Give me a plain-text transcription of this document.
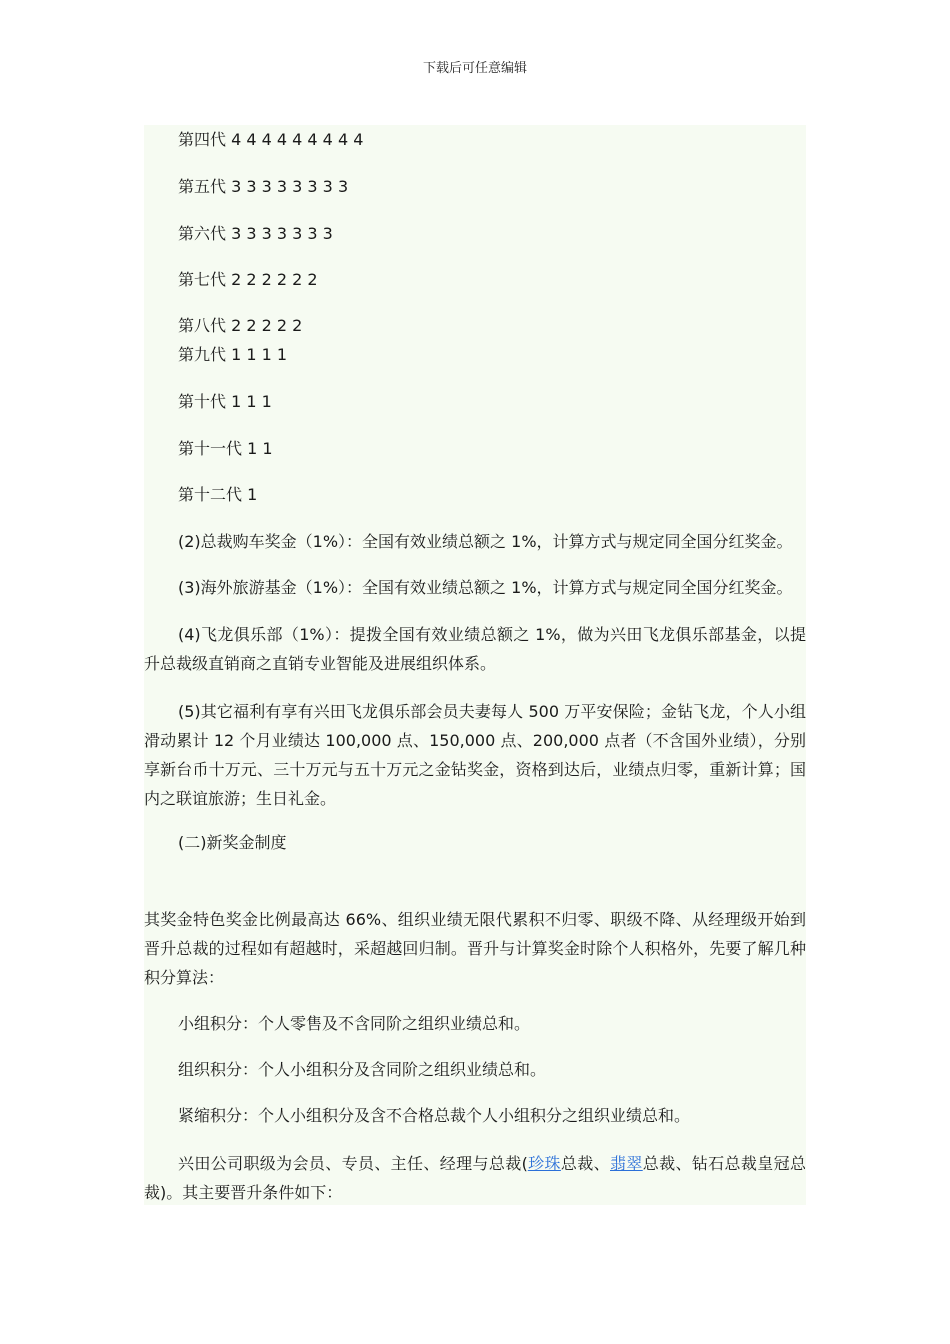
下载后可任意编辑
第四代 4 4 4 4 4 4 4 4 4
第五代 3 3 3 3 3 3 3 3
第六代 3 3 3 3 3 3 3
第七代 2 2 2 2 2 2
第八代 2 2 2 2 2
第九代 1 1 1 1
第十代 1 1 1
第十一代 1 1
第十二代 1
(2)总裁购车奖金（1%）：全国有效业绩总额之 1%，计算方式与规定同全国分红奖金。
(3)海外旅游基金（1%）：全国有效业绩总额之 1%，计算方式与规定同全国分红奖金。

(4)飞龙俱乐部（1%）：提拨全国有效业绩总额之 1%，做为兴田飞龙俱乐部基金，以提升总裁级直销商之直销专业智能及进展组织体系。

(5)其它福利有享有兴田飞龙俱乐部会员夫妻每人 500 万平安保险；金钻飞龙，个人小组滑动累计 12 个月业绩达 100,000 点、150,000 点、200,000 点者（不含国外业绩），分别享新台币十万元、三十万元与五十万元之金钻奖金，资格到达后，业绩点归零，重新计算；国内之联谊旅游；生日礼金。

(二)新奖金制度

其奖金特色奖金比例最高达 66%、组织业绩无限代累积不归零、职级不降、从经理级开始到晋升总裁的过程如有超越时，采超越回归制。晋升与计算奖金时除个人积格外，先要了解几种积分算法：

小组积分：个人零售及不含同阶之组织业绩总和。
组织积分：个人小组积分及含同阶之组织业绩总和。
紧缩积分：个人小组积分及含不合格总裁个人小组积分之组织业绩总和。

兴田公司职级为会员、专员、主任、经理与总裁(珍珠总裁、翡翠总裁、钻石总裁皇冠总裁)。其主要晋升条件如下：
